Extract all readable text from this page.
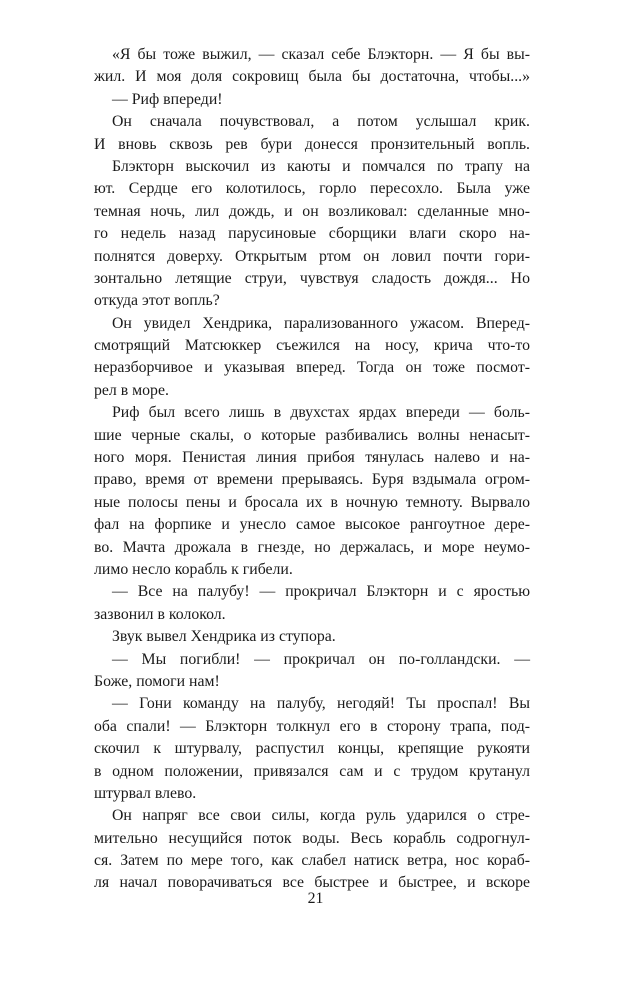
«Я бы тоже выжил, — сказал себе Блэкторн. — Я бы вы-
жил. И моя доля сокровищ была бы достаточна, чтобы...»
— Риф впереди!
Он сначала почувствовал, а потом услышал крик.
И вновь сквозь рев бури донесся пронзительный вопль.
Блэкторн выскочил из каюты и помчался по трапу на
ют. Сердце его колотилось, горло пересохло. Была уже
темная ночь, лил дождь, и он возликовал: сделанные мно-
го недель назад парусиновые сборщики влаги скоро на-
полнятся доверху. Открытым ртом он ловил почти гори-
зонтально летящие струи, чувствуя сладость дождя... Но
откуда этот вопль?
Он увидел Хендрика, парализованного ужасом. Вперед-
смотрящий Матсюккер съежился на носу, крича что-то
неразборчивое и указывая вперед. Тогда он тоже посмот-
рел в море.
Риф был всего лишь в двухстах ярдах впереди — боль-
шие черные скалы, о которые разбивались волны ненасыт-
ного моря. Пенистая линия прибоя тянулась налево и на-
право, время от времени прерываясь. Буря вздымала огром-
ные полосы пены и бросала их в ночную темноту. Вырвало
фал на форпике и унесло самое высокое рангоутное дере-
во. Мачта дрожала в гнезде, но держалась, и море неумо-
лимо несло корабль к гибели.
— Все на палубу! — прокричал Блэкторн и с яростью
зазвонил в колокол.
Звук вывел Хендрика из ступора.
— Мы погибли! — прокричал он по-голландски. —
Боже, помоги нам!
— Гони команду на палубу, негодяй! Ты проспал! Вы
оба спали! — Блэкторн толкнул его в сторону трапа, под-
скочил к штурвалу, распустил концы, крепящие рукояти
в одном положении, привязался сам и с трудом крутанул
штурвал влево.
Он напряг все свои силы, когда руль ударился о стре-
мительно несущийся поток воды. Весь корабль содрогнул-
ся. Затем по мере того, как слабел натиск ветра, нос кораб-
ля начал поворачиваться все быстрее и быстрее, и вскоре
21
